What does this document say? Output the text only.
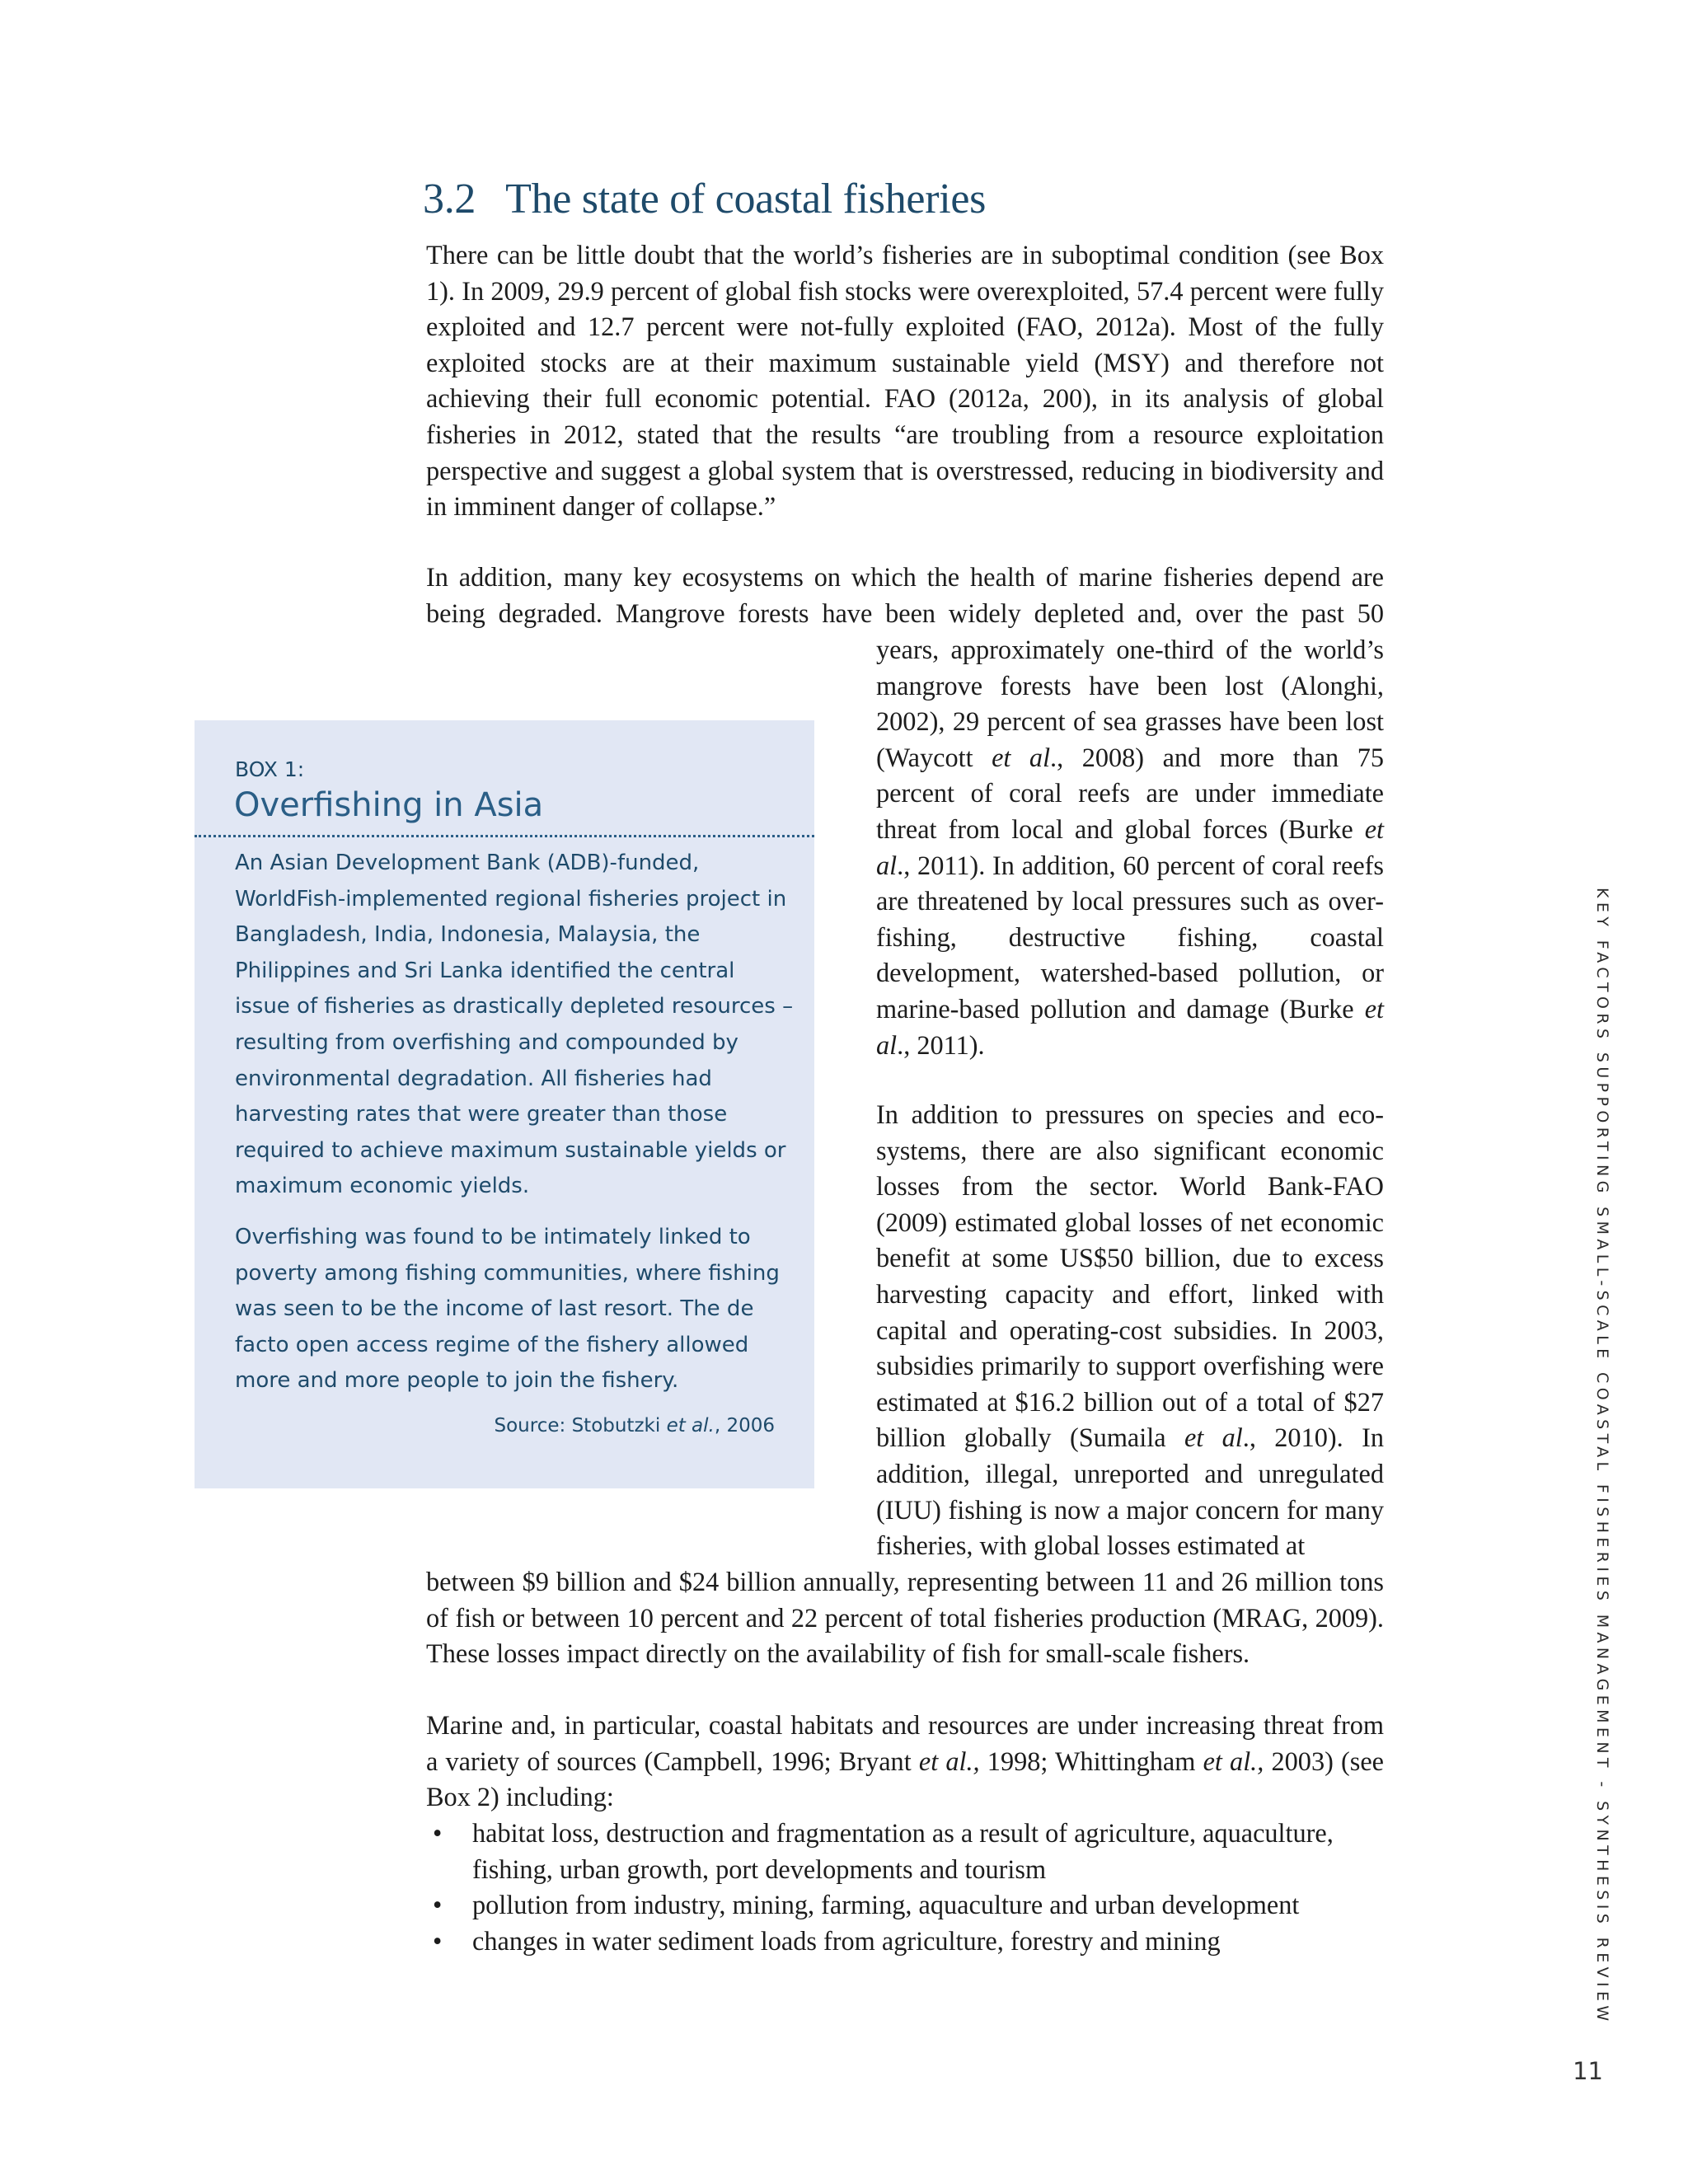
3.2 The state of coastal fisheries

There can be little doubt that the world’s fisheries are in suboptimal condition (see Box 1). In 2009, 29.9 percent of global fish stocks were overexploited, 57.4 percent were fully exploited and 12.7 percent were not-fully exploited (FAO, 2012a). Most of the fully exploited stocks are at their maximum sustainable yield (MSY) and therefore not achieving their full economic potential. FAO (2012a, 200), in its analysis of global fisheries in 2012, stated that the results “are troubling from a resource exploitation perspective and suggest a global system that is overstressed, reducing in biodiversity and in imminent danger of collapse.”

In addition, many key ecosystems on which the health of marine fisheries depend are
being degraded. Mangrove forests have been widely depleted and, over the past 50

years, approximately one-third of the world’s mangrove forests have been lost (Alonghi, 2002), 29 percent of sea grasses have been lost (Waycott et al., 2008) and more than 75 percent of coral reefs are under immediate threat from local and global forces (Burke et al., 2011). In addition, 60 percent of coral reefs are threatened by local pressures such as over-fishing, destructive fishing, coastal development, watershed-based pollution, or marine-based pollution and damage (Burke et al., 2011).

In addition to pressures on species and eco-systems, there are also significant economic losses from the sector. World Bank-FAO (2009) estimated global losses of net economic benefit at some US$50 billion, due to excess harvesting capacity and effort, linked with capital and operating-cost subsidies. In 2003, subsidies primarily to support overfishing were estimated at $16.2 billion out of a total of $27 billion globally (Sumaila et al., 2010). In addition, illegal, unreported and unregulated (IUU) fishing is now a major concern for many fisheries, with global losses estimated at

between $9 billion and $24 billion annually, representing between 11 and 26 million tons of fish or between 10 percent and 22 percent of total fisheries production (MRAG, 2009). These losses impact directly on the availability of fish for small-scale fishers.

Marine and, in particular, coastal habitats and resources are under increasing threat from a variety of sources (Campbell, 1996; Bryant et al., 1998; Whittingham et al., 2003) (see Box 2) including:

• habitat loss, destruction and fragmentation as a result of agriculture, aquaculture, fishing, urban growth, port developments and tourism
• pollution from industry, mining, farming, aquaculture and urban development
• changes in water sediment loads from agriculture, forestry and mining
BOX 1:
Overfishing in Asia

An Asian Development Bank (ADB)-funded, WorldFish-implemented regional fisheries project in Bangladesh, India, Indonesia, Malaysia, the Philippines and Sri Lanka identified the central issue of fisheries as drastically depleted resources – resulting from overfishing and compounded by environmental degradation. All fisheries had harvesting rates that were greater than those required to achieve maximum sustainable yields or maximum economic yields.

Overfishing was found to be intimately linked to poverty among fishing communities, where fishing was seen to be the income of last resort. The de facto open access regime of the fishery allowed more and more people to join the fishery.

Source: Stobutzki et al., 2006	KEY FACTORS SUPPORTING SMALL-SCALE COASTAL FISHERIES MANAGEMENT - SYNTHESIS REVIEW
11
